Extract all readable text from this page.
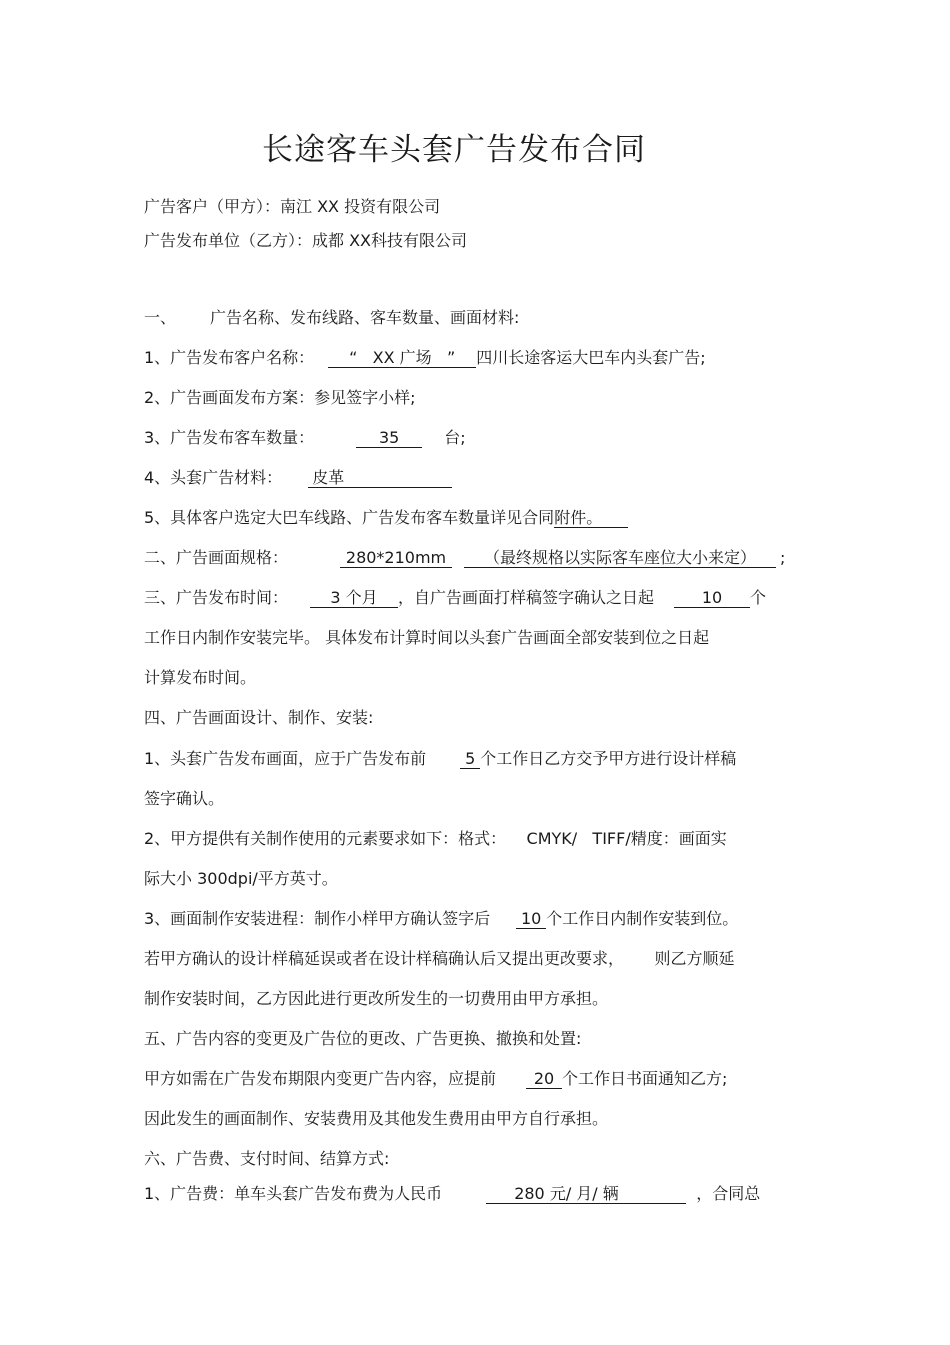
长途客车头套广告发布合同
广告客户（甲方）：南江 XX 投资有限公司
广告发布单位（乙方）：成都 XX科技有限公司
一、 广告名称、发布线路、客车数量、画面材料:
1、广告发布客户名称： “   XX 广场   ” 四川长途客运大巴车内头套广告;
2、广告画面发布方案：参见签字小样;
3、广告发布客车数量：	35	台;
4、头套广告材料： 皮革
5、具体客户选定大巴车线路、广告发布客车数量详见合同附件。
二、广告画面规格：	280*210mm （最终规格以实际客车座位大小来定） ;
三、广告发布时间：	3 个月 ，自广告画面打样稿签字确认之日起	10 个
工作日内制作安装完毕。 具体发布计算时间以头套广告画面全部安装到位之日起
计算发布时间。
四、广告画面设计、制作、安装:
1、头套广告发布画面，应于广告发布前 5 个工作日乙方交予甲方进行设计样稿
签字确认。
2、甲方提供有关制作使用的元素要求如下：格式：    CMYK/   TIFF/精度：画面实
际大小 300dpi/平方英寸。
3、画面制作安装进程：制作小样甲方确认签字后 10 个工作日内制作安装到位。
若甲方确认的设计样稿延误或者在设计样稿确认后又提出更改要求，      则乙方顺延
制作安装时间，乙方因此进行更改所发生的一切费用由甲方承担。
五、广告内容的变更及广告位的更改、广告更换、撤换和处置:
甲方如需在广告发布期限内变更广告内容，应提前 20 个工作日书面通知乙方;
因此发生的画面制作、安装费用及其他发生费用由甲方自行承担。
六、广告费、支付时间、结算方式:
1、广告费：单车头套广告发布费为人民币	280 元/ 月/ 辆	，合同总
